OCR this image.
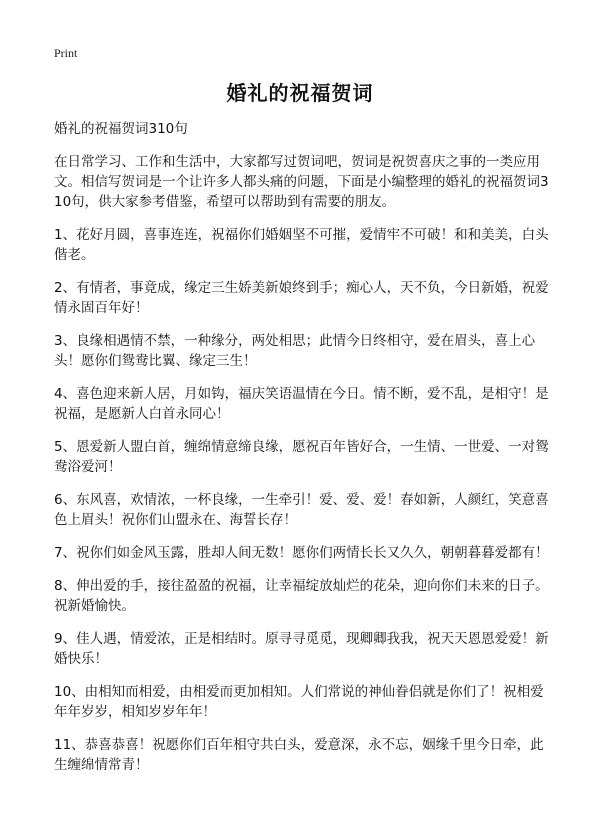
Print
婚礼的祝福贺词

婚礼的祝福贺词310句

在日常学习、工作和生活中，大家都写过贺词吧，贺词是祝贺喜庆之事的一类应用文。相信写贺词是一个让许多人都头痛的问题，下面是小编整理的婚礼的祝福贺词310句，供大家参考借鉴，希望可以帮助到有需要的朋友。

1、花好月圆，喜事连连，祝福你们婚姻坚不可摧，爱情牢不可破！和和美美，白头偕老。

2、有情者，事竟成，缘定三生娇美新娘终到手；痴心人，天不负，今日新婚，祝爱情永固百年好！

3、良缘相遇情不禁，一种缘分，两处相思；此情今日终相守，爱在眉头，喜上心头！愿你们鸳鸯比翼、缘定三生！

4、喜色迎来新人居，月如钩，福庆笑语温情在今日。情不断，爱不乱，是相守！是祝福，是愿新人白首永同心！

5、恩爱新人盟白首，缠绵情意缔良缘，愿祝百年皆好合，一生情、一世爱、一对鸳鸯浴爱河！

6、东风喜，欢情浓，一杯良缘，一生牵引！爱、爱、爱！春如新，人颜红，笑意喜色上眉头！祝你们山盟永在、海誓长存！

7、祝你们如金风玉露，胜却人间无数！愿你们两情长长又久久，朝朝暮暮爱都有！

8、伸出爱的手，接往盈盈的祝福，让幸福绽放灿烂的花朵，迎向你们未来的日子。祝新婚愉快。

9、佳人遇，情爱浓，正是相结时。原寻寻觅觅，现卿卿我我，祝天天恩恩爱爱！新婚快乐！

10、由相知而相爱，由相爱而更加相知。人们常说的神仙眷侣就是你们了！祝相爱年年岁岁，相知岁岁年年！

11、恭喜恭喜！祝愿你们百年相守共白头，爱意深，永不忘，姻缘千里今日牵，此生缠绵情常青！
